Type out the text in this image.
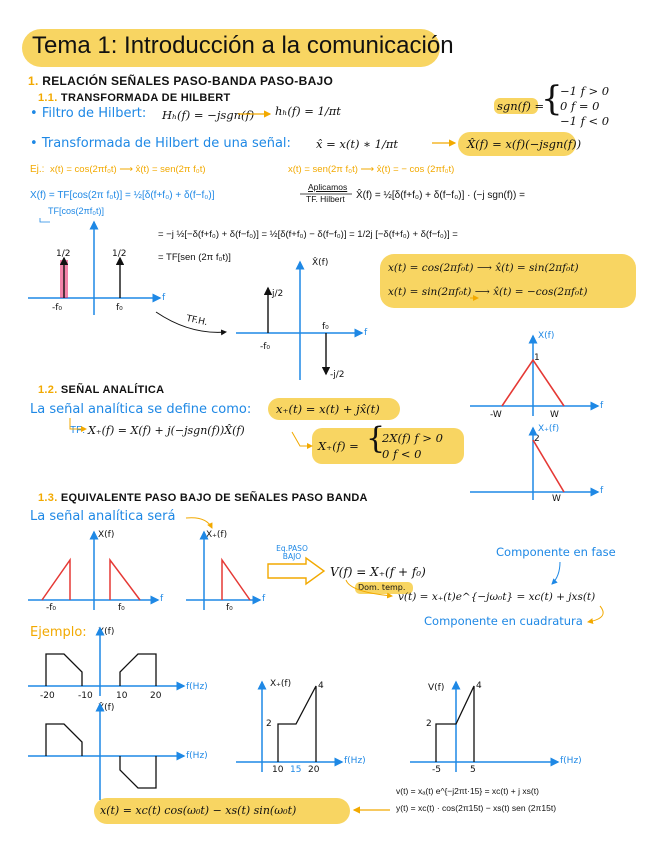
Tema 1: Introducción a la comunicación
1. RELACIÓN SEÑALES PASO-BANDA PASO-BAJO
1.1. TRANSFORMADA DE HILBERT
• Filtro de Hilbert: Hₕ(f) = −jsgn(f) hₕ(f) = 1/πt	sgn(f) =
{
−1 f > 0
0 f = 0
−1 f < 0
• Transformada de Hilbert de una señal: x̂ = x(t) ∗ 1/πt	X̂(f) = x(f)(−jsgn(f))
Ej.: x(t) = cos(2πf₀t) ⟶ x̂(t) = sen(2π f₀t)	x(t) = sen(2π f₀t) ⟶ x̂(t) = − cos (2πf₀t)
X(f) = TF[cos(2π f₀t)] = ½[δ(f+f₀) + δ(f−f₀)]
Aplicamos
TF. Hilbert X̂(f) = ½[δ(f+f₀) + δ(f−f₀)] · (−j sgn(f)) =
TF[cos(2πf₀t)]
= −j ½[−δ(f+f₀) + δ(f−f₀)] = ½[δ(f+f₀) − δ(f−f₀)] = 1/2j [−δ(f+f₀) + δ(f−f₀)] =
= TF[sen (2π f₀t)]
x(t) = cos(2πf₀t) ⟶ x̂(t) = sin(2πf₀t)
x(t) = sin(2πf₀t) ⟶ x̂(t) = −cos(2πf₀t)
1/2	1/2
-f₀	f₀
f
X̂(f)
j/2
-j/2
-f₀
f₀
f
TF.H.
1.2. SEÑAL ANALÍTICA
La señal analítica se define como: x₊(t) = x(t) + jx̂(t)
TF: X₊(f) = X(f) + j(−jsgn(f))X̂(f)
X₊(f) = {
2X(f) f > 0
0 f < 0
X(f)
1
-W	W
f
X₊(f)
2
W
f
1.3. EQUIVALENTE PASO BAJO DE SEÑALES PASO BANDA
La señal analítica será
X(f)
-f₀	f₀
f
X₊(f)
f₀
f
Eq.PASO BAJO
V(f) = X₊(f + f₀)
Dom. temp.
Componente en fase
v(t) = x₊(t)e^{−jω₀t} = xc(t) + jxs(t)
Componente en cuadratura
Ejemplo: X(f)
-20	-10	10	20
f(Hz)
X̂(f)
f(Hz)
X₊(f)
2
4
10 15 20
f(Hz)
V(f)
2
4
-5	5
f(Hz)
v(t) = xₐ(t) e^{−j2πt·15} = xc(t) + j xs(t)
y(t) = xc(t) · cos(2π15t) − xs(t) sen (2π15t)
x(t) = xc(t) cos(ω₀t) − xs(t) sin(ω₀t)
